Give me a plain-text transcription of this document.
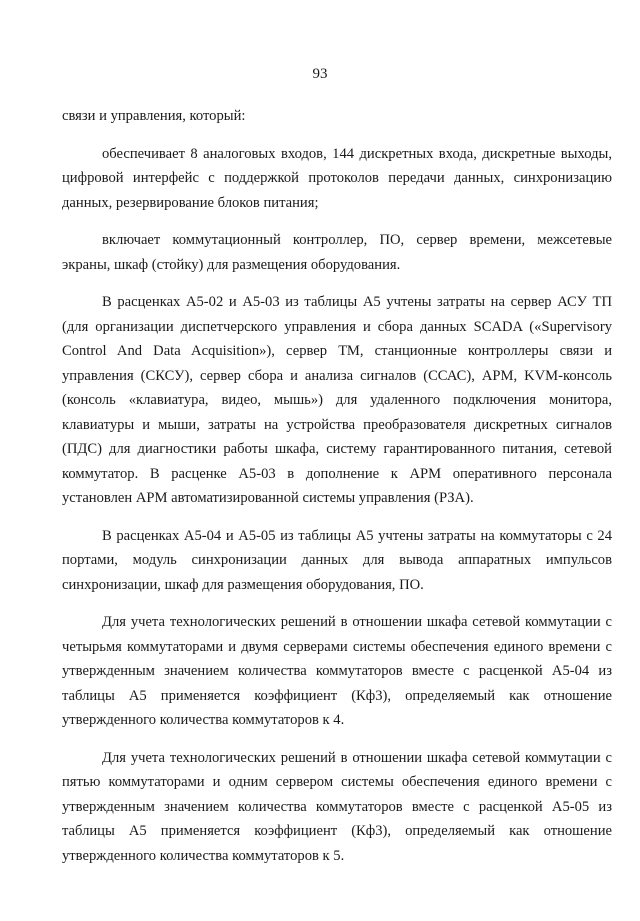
93

связи и управления, который:

обеспечивает 8 аналоговых входов, 144 дискретных входа, дискретные выходы, цифровой интерфейс с поддержкой протоколов передачи данных, синхронизацию данных, резервирование блоков питания;

включает коммутационный контроллер, ПО, сервер времени, межсетевые экраны, шкаф (стойку) для размещения оборудования.

В расценках А5-02 и А5-03 из таблицы А5 учтены затраты на сервер АСУ ТП (для организации диспетчерского управления и сбора данных SCADA («Supervisory Control And Data Acquisition»), сервер ТМ, станционные контроллеры связи и управления (СКСУ), сервер сбора и анализа сигналов (ССАС), АРМ, KVM-консоль (консоль «клавиатура, видео, мышь») для удаленного подключения монитора, клавиатуры и мыши, затраты на устройства преобразователя дискретных сигналов (ПДС) для диагностики работы шкафа, систему гарантированного питания, сетевой коммутатор. В расценке А5-03 в дополнение к АРМ оперативного персонала установлен АРМ автоматизированной системы управления (РЗА).

В расценках А5-04 и А5-05 из таблицы А5 учтены затраты на коммутаторы с 24 портами, модуль синхронизации данных для вывода аппаратных импульсов синхронизации, шкаф для размещения оборудования, ПО.

Для учета технологических решений в отношении шкафа сетевой коммутации с четырьмя коммутаторами и двумя серверами системы обеспечения единого времени с утвержденным значением количества коммутаторов вместе с расценкой А5-04 из таблицы А5 применяется коэффициент (Кф3), определяемый как отношение утвержденного количества коммутаторов к 4.

Для учета технологических решений в отношении шкафа сетевой коммутации с пятью коммутаторами и одним сервером системы обеспечения единого времени с утвержденным значением количества коммутаторов вместе с расценкой А5-05 из таблицы А5 применяется коэффициент (Кф3), определяемый как отношение утвержденного количества коммутаторов к 5.
